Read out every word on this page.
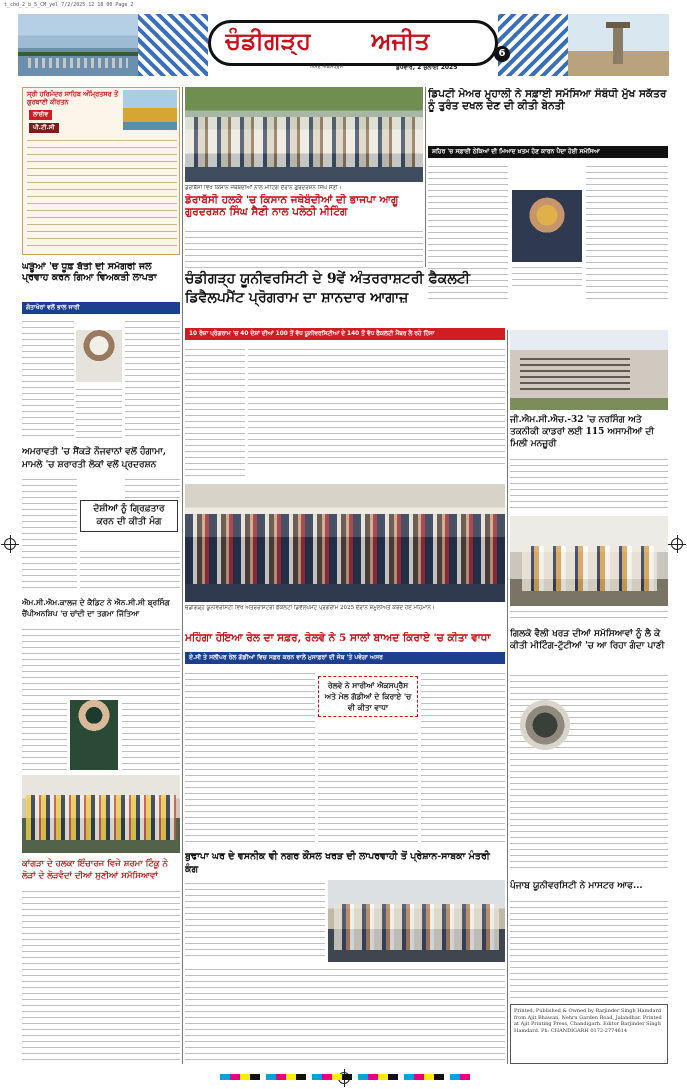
t_chd_2_b_5_CM_yel 7/2/2025 12 18 00 Page 2
ਚੰਡੀਗੜ੍ਹ ਅਜੀਤ
ਅਮਰ ਐਕਸਪ੍ਰੈਸ	ਬੁੱਧਵਾਰ, 2 ਜੁਲਾਈ 2025
6
ਸ੍ਰੀ ਹਰਿਮੰਦਰ ਸਾਹਿਬ ਅੰਮ੍ਰਿਤਸਰ ਤੋਂ ਗੁਰਬਾਣੀ ਕੀਰਤਨ
ਲਾਈਵ
ਪੀ.ਟੀ.ਸੀ
ਡੇਰਾਬੱਸੀ ਵਿਖੇ ਕਿਸਾਨ ਜਥੇਬੰਦੀਆਂ ਨਾਲ ਮੀਟਿੰਗ ਦੌਰਾਨ ਗੁਰਦਰਸ਼ਨ ਸਿੰਘ ਸੈਣੀ।
ਡੇਰਾਬੱਸੀ ਹਲਕੇ 'ਚ ਕਿਸਾਨ ਜਥੇਬੰਦੀਆਂ ਦੀ ਭਾਜਪਾ ਆਗੂ ਗੁਰਦਰਸ਼ਨ ਸਿੰਘ ਸੈਣੀ ਨਾਲ ਪਲੇਠੀ ਮੀਟਿੰਗ
ਡਿਪਟੀ ਮੇਅਰ ਮੁਹਾਲੀ ਨੇ ਸਫ਼ਾਈ ਸਮੱਸਿਆ ਸੰਬੰਧੀ ਮੁੱਖ ਸਕੱਤਰ ਨੂੰ ਤੁਰੰਤ ਦਖਲ ਦੇਣ ਦੀ ਕੀਤੀ ਬੇਨਤੀ
ਸ਼ਹਿਰ 'ਚ ਸਫ਼ਾਈ ਠੇਕਿਆਂ ਦੀ ਮਿਆਦ ਖ਼ਤਮ ਹੋਣ ਕਾਰਨ ਪੈਦਾ ਹੋਈ ਸਮੱਸਿਆ
ਘੜੂੰਆਂ 'ਚ ਧੂਫ਼ ਬੱਤੀ ਦੀ ਸਮੱਗਰੀ ਜਲ ਪ੍ਰਵਾਹ ਕਰਨ ਗਿਆ ਵਿਅਕਤੀ ਲਾਪਤਾ
ਗੋਤਾਖੋਰਾਂ ਵਲੋਂ ਭਾਲ ਜਾਰੀ
ਚੰਡੀਗੜ੍ਹ ਯੂਨੀਵਰਸਿਟੀ ਦੇ 9ਵੇਂ ਅੰਤਰਰਾਸ਼ਟਰੀ ਫੈਕਲਟੀ ਡਿਵੈਲਪਮੈਂਟ ਪ੍ਰੋਗਰਾਮ ਦਾ ਸ਼ਾਨਦਾਰ ਆਗਾਜ਼
10 ਰੋਜ਼ਾ ਪ੍ਰੋਗਰਾਮ 'ਚ 40 ਦੇਸ਼ਾਂ ਦੀਆਂ 100 ਤੋਂ ਵੱਧ ਯੂਨੀਵਰਸਿਟੀਆਂ ਦੇ 140 ਤੋਂ ਵੱਧ ਫੈਕਲਟੀ ਮੈਂਬਰ ਲੈ ਰਹੇ ਹਿੱਸਾ
ਚੰਡੀਗੜ੍ਹ ਯੂਨੀਵਰਸਿਟੀ ਵਿਖੇ ਅੰਤਰਰਾਸ਼ਟਰੀ ਫੈਕਲਟੀ ਡਿਵੈਲਪਮੈਂਟ ਪ੍ਰੋਗਰਾਮ 2025 ਦੌਰਾਨ ਸ਼ਮੂਲੀਅਤ ਕਰਦੇ ਹੋਏ ਮਹਿਮਾਨ।
ਜੀ.ਐਮ.ਸੀ.ਐਚ.-32 'ਚ ਨਰਸਿੰਗ ਅਤੇ ਤਕਨੀਕੀ ਕਾਡਰਾਂ ਲਈ 115 ਅਸਾਮੀਆਂ ਦੀ ਮਿਲੀ ਮਨਜ਼ੂਰੀ
ਗਿਲਕੋ ਵੈਲੀ ਖਰੜ ਦੀਆਂ ਸਮੱਸਿਆਵਾਂ ਨੂੰ ਲੈ ਕੇ ਕੀਤੀ ਮੀਟਿੰਗ-ਟੁੱਟੀਆਂ 'ਚ ਆ ਰਿਹਾ ਗੰਦਾ ਪਾਣੀ
ਅਮਰਾਵਤੀ 'ਚ ਸੈਂਕੜੇ ਨੌਜਵਾਨਾਂ ਵਲੋਂ ਹੰਗਾਮਾ, ਮਾਮਲੇ 'ਚ ਸ਼ਰਾਰਤੀ ਲੋਕਾਂ ਵਲੋਂ ਪ੍ਰਦਰਸ਼ਨ
ਦੋਸ਼ੀਆਂ ਨੂੰ ਗ੍ਰਿਫ਼ਤਾਰ ਕਰਨ ਦੀ ਕੀਤੀ ਮੰਗ
ਐਮ.ਸੀ.ਐਮ.ਕਾਲਜ ਦੇ ਕੈਡਿਟ ਨੇ ਐਨ.ਸੀ.ਸੀ ਬ੍ਰਸਿੰਗ ਚੈਂਪੀਅਨਸ਼ਿਪ 'ਚ ਚਾਂਦੀ ਦਾ ਤਗਮਾ ਜਿੱਤਿਆ
ਮਹਿੰਗਾ ਹੋਇਆ ਰੇਲ ਦਾ ਸਫ਼ਰ, ਰੇਲਵੇ ਨੇ 5 ਸਾਲਾਂ ਬਾਅਦ ਕਿਰਾਏ 'ਚ ਕੀਤਾ ਵਾਧਾ
ਏ.ਸੀ ਤੇ ਸਲੀਪਰ ਰੇਲ ਗੱਡੀਆਂ ਵਿਚ ਸਫ਼ਰ ਕਰਨ ਵਾਲੇ ਮੁਸਾਫ਼ਰਾਂ ਦੀ ਜੇਬ 'ਤੇ ਪਵੇਗਾ ਅਸਰ
ਰੇਲਵੇ ਨੇ ਸਾਰੀਆਂ ਐਕਸਪ੍ਰੈਸ ਅਤੇ ਮੇਲ ਗੱਡੀਆਂ ਦੇ ਕਿਰਾਏ 'ਚ ਵੀ ਕੀਤਾ ਵਾਧਾ
ਕਾਂਗੜਾ ਦੇ ਹਲਕਾ ਇੰਚਾਰਜ ਵਿਜੇ ਸ਼ਰਮਾ ਟਿੰਕੂ ਨੇ ਲੋੜਾਂ ਦੇ ਲੋੜਵੰਦਾਂ ਦੀਆਂ ਸੁਣੀਆਂ ਸਮੱਸਿਆਵਾਂ
ਬੁਢਾਪਾ ਘਰ ਦੇ ਵਸਨੀਕ ਵੀ ਨਗਰ ਕੌਂਸਲ ਖਰੜ ਦੀ ਲਾਪਰਵਾਹੀ ਤੋਂ ਪ੍ਰੇਸ਼ਾਨ-ਸਾਬਕਾ ਮੰਤਰੀ ਕੰਗ
ਪੰਜਾਬ ਯੂਨੀਵਰਸਿਟੀ ਨੇ ਮਾਸਟਰ ਆਫ...
Printed, Published & Owned by Barjinder Singh Hamdard from Ajit Bhawan, Nehru Garden Road, Jalandhar. Printed at Ajit Printing Press, Chandigarh. Editor Barjinder Singh Hamdard. Ph: CHANDIGARH 0172-2774614
